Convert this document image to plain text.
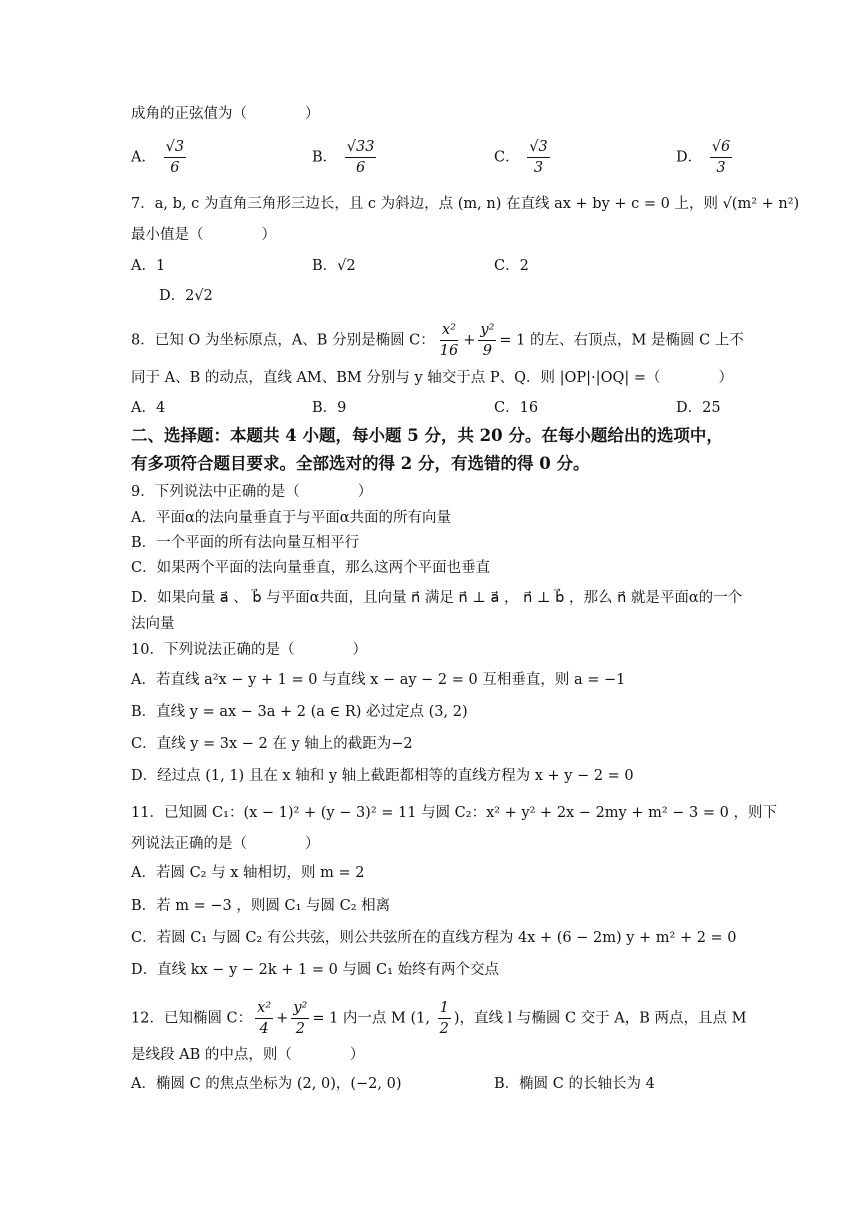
成角的正弦值为（　　　　）
A． $\frac{√3}{6}$	B． $\frac{√33}{6}$	C． $\frac{√3}{3}$	D． $\frac{√6}{3}$
7．a, b, c 为直角三角形三边长，且 c 为斜边，点 (m, n) 在直线 ax + by + c = 0 上，则 √(m² + n²)
最小值是（　　　　）
A．1	B．√2	C．2
D．2√2
8．已知 O 为坐标原点，A、B 分别是椭圆 C： $\frac{\text{x²}}{16} + \frac{\text{y²}}{9} = 1$ 的左、右顶点，M 是椭圆 C 上不
同于 A、B 的动点，直线 AM、BM 分别与 y 轴交于点 P、Q．则 |OP|·|OQ| =（　　　　）
A．4	B．9	C．16	D．25
二、选择题：本题共 4 小题，每小题 5 分，共 20 分。在每小题给出的选项中，
有多项符合题目要求。全部选对的得 2 分，有选错的得 0 分。
9．下列说法中正确的是（　　　　）
A．平面α的法向量垂直于与平面α共面的所有向量
B．一个平面的所有法向量互相平行
C．如果两个平面的法向量垂直，那么这两个平面也垂直
D．如果向量 a⃗ 、 b⃗ 与平面α共面，且向量 n⃗ 满足 n⃗ ⊥ a⃗ ， n⃗ ⊥ b⃗ ，那么 n⃗ 就是平面α的一个
法向量
10．下列说法正确的是（　　　　）
A．若直线 a²x − y + 1 = 0 与直线 x − ay − 2 = 0 互相垂直，则 a = −1
B．直线 y = ax − 3a + 2 (a ∈ R) 必过定点 (3, 2)
C．直线 y = 3x − 2 在 y 轴上的截距为−2
D．经过点 (1, 1) 且在 x 轴和 y 轴上截距都相等的直线方程为 x + y − 2 = 0
11．已知圆 C₁：(x − 1)² + (y − 3)² = 11 与圆 C₂：x² + y² + 2x − 2my + m² − 3 = 0 ，则下
列说法正确的是（　　　　）
A．若圆 C₂ 与 x 轴相切，则 m = 2
B．若 m = −3 ，则圆 C₁ 与圆 C₂ 相离
C．若圆 C₁ 与圆 C₂ 有公共弦，则公共弦所在的直线方程为 4x + (6 − 2m) y + m² + 2 = 0
D．直线 kx − y − 2k + 1 = 0 与圆 C₁ 始终有两个交点
12．已知椭圆 C： $\frac{\text{x²}}{4} + \frac{\text{y²}}{2} = 1$ 内一点 M (1, $\frac{1}{2}$ )，直线 l 与椭圆 C 交于 A，B 两点，且点 M
是线段 AB 的中点，则（　　　　）
A．椭圆 C 的焦点坐标为 (2, 0)，(−2, 0)	B．椭圆 C 的长轴长为 4
